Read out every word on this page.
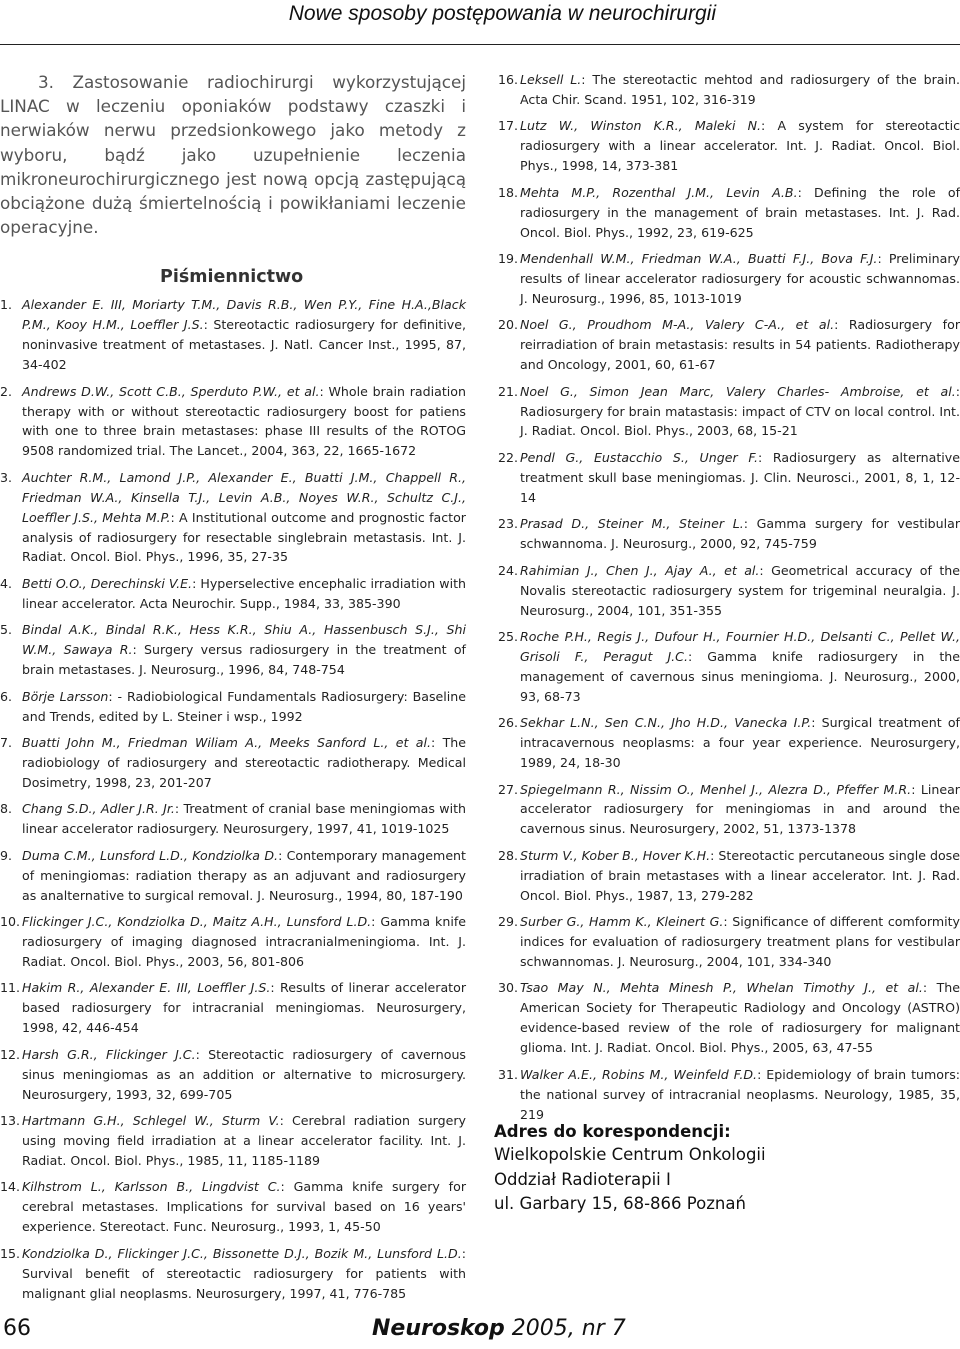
Nowe sposoby postępowania w neurochirurgii

3. Zastosowanie radiochirurgi wykorzystującej LINAC w leczeniu oponiaków podstawy czaszki i nerwiaków nerwu przedsionkowego jako metody z wyboru, bądź jako uzupełnienie leczenia mikroneurochirurgicznego jest nową opcją zastępującą obciążone dużą śmiertelnością i powikłaniami leczenie operacyjne.

Piśmiennictwo
1. Alexander E. III, Moriarty T.M., Davis R.B., Wen P.Y., Fine H.A.,Black P.M., Kooy H.M., Loeffler J.S.: Stereotactic radiosurgery for definitive, noninvasive treatment of metastases. J. Natl. Cancer Inst., 1995, 87, 34-402
2. Andrews D.W., Scott C.B., Sperduto P.W., et al.: Whole brain radiation therapy with or without stereotactic radiosurgery boost for patiens with one to three brain metastases: phase III results of the ROTOG 9508 randomized trial. The Lancet., 2004, 363, 22, 1665-1672
3. Auchter R.M., Lamond J.P., Alexander E., Buatti J.M., Chappell R., Friedman W.A., Kinsella T.J., Levin A.B., Noyes W.R., Schultz C.J., Loeffler J.S., Mehta M.P.: A Institutional outcome and prognostic factor analysis of radiosurgery for resectable singlebrain metastasis. Int. J. Radiat. Oncol. Biol. Phys., 1996, 35, 27-35
4. Betti O.O., Derechinski V.E.: Hyperselective encephalic irradiation with linear accelerator. Acta Neurochir. Supp., 1984, 33, 385-390
5. Bindal A.K., Bindal R.K., Hess K.R., Shiu A., Hassenbusch S.J., Shi W.M., Sawaya R.: Surgery versus radiosurgery in the treatment of brain metastases. J. Neurosurg., 1996, 84, 748-754
6. Börje Larsson: - Radiobiological Fundamentals Radiosurgery: Baseline and Trends, edited by L. Steiner i wsp., 1992
7. Buatti John M., Friedman Wiliam A., Meeks Sanford L., et al.: The radiobiology of radiosurgery and stereotactic radiotherapy. Medical Dosimetry, 1998, 23, 201-207
8. Chang S.D., Adler J.R. Jr.: Treatment of cranial base meningiomas with linear accelerator radiosurgery. Neurosurgery, 1997, 41, 1019-1025
9. Duma C.M., Lunsford L.D., Kondziolka D.: Contemporary management of meningiomas: radiation therapy as an adjuvant and radiosurgery as analternative to surgical removal. J. Neurosurg., 1994, 80, 187-190
10. Flickinger J.C., Kondziolka D., Maitz A.H., Lunsford L.D.: Gamma knife radiosurgery of imaging diagnosed intracranialmeningioma. Int. J. Radiat. Oncol. Biol. Phys., 2003, 56, 801-806
11. Hakim R., Alexander E. III, Loeffler J.S.: Results of linerar accelerator based radiosurgery for intracranial meningiomas. Neurosurgery, 1998, 42, 446-454
12. Harsh G.R., Flickinger J.C.: Stereotactic radiosurgery of cavernous sinus meningiomas as an addition or alternative to microsurgery. Neurosurgery, 1993, 32, 699-705
13. Hartmann G.H., Schlegel W., Sturm V.: Cerebral radiation surgery using moving field irradiation at a linear accelerator facility. Int. J. Radiat. Oncol. Biol. Phys., 1985, 11, 1185-1189
14. Kilhstrom L., Karlsson B., Lingdvist C.: Gamma knife surgery for cerebral metastases. Implications for survival based on 16 years' experience. Stereotact. Func. Neurosurg., 1993, 1, 45-50
15. Kondziolka D., Flickinger J.C., Bissonette D.J., Bozik M., Lunsford L.D.: Survival benefit of stereotactic radiosurgery for patients with malignant glial neoplasms. Neurosurgery, 1997, 41, 776-785
16. Leksell L.: The stereotactic mehtod and radiosurgery of the brain. Acta Chir. Scand. 1951, 102, 316-319
17. Lutz W., Winston K.R., Maleki N.: A system for stereotactic radiosurgery with a linear accelerator. Int. J. Radiat. Oncol. Biol. Phys., 1998, 14, 373-381
18. Mehta M.P., Rozenthal J.M., Levin A.B.: Defining the role of radiosurgery in the management of brain metastases. Int. J. Rad. Oncol. Biol. Phys., 1992, 23, 619-625
19. Mendenhall W.M., Friedman W.A., Buatti F.J., Bova F.J.: Preliminary results of linear accelerator radiosurgery for acoustic schwannomas. J. Neurosurg., 1996, 85, 1013-1019
20. Noel G., Proudhom M-A., Valery C-A., et al.: Radiosurgery for reirradiation of brain metastasis: results in 54 patients. Radiotherapy and Oncology, 2001, 60, 61-67
21. Noel G., Simon Jean Marc, Valery Charles- Ambroise, et al.: Radiosurgery for brain matastasis: impact of CTV on local control. Int. J. Radiat. Oncol. Biol. Phys., 2003, 68, 15-21
22. Pendl G., Eustacchio S., Unger F.: Radiosurgery as alternative treatment skull base meningiomas. J. Clin. Neurosci., 2001, 8, 1, 12-14
23. Prasad D., Steiner M., Steiner L.: Gamma surgery for vestibular schwannoma. J. Neurosurg., 2000, 92, 745-759
24. Rahimian J., Chen J., Ajay A., et al.: Geometrical accuracy of the Novalis stereotactic radiosurgery system for trigeminal neuralgia. J. Neurosurg., 2004, 101, 351-355
25. Roche P.H., Regis J., Dufour H., Fournier H.D., Delsanti C., Pellet W., Grisoli F., Peragut J.C.: Gamma knife radiosurgery in the management of cavernous sinus meningioma. J. Neurosurg., 2000, 93, 68-73
26. Sekhar L.N., Sen C.N., Jho H.D., Vanecka I.P.: Surgical treatment of intracavernous neoplasms: a four year experience. Neurosurgery, 1989, 24, 18-30
27. Spiegelmann R., Nissim O., Menhel J., Alezra D., Pfeffer M.R.: Linear accelerator radiosurgery for meningiomas in and around the cavernous sinus. Neurosurgery, 2002, 51, 1373-1378
28. Sturm V., Kober B., Hover K.H.: Stereotactic percutaneous single dose irradiation of brain metastases with a linear accelerator. Int. J. Rad. Oncol. Biol. Phys., 1987, 13, 279-282
29. Surber G., Hamm K., Kleinert G.: Significance of different comformity indices for evaluation of radiosurgery treatment plans for vestibular schwannomas. J. Neurosurg., 2004, 101, 334-340
30. Tsao May N., Mehta Minesh P., Whelan Timothy J., et al.: The American Society for Therapeutic Radiology and Oncology (ASTRO) evidence-based review of the role of radiosurgery for malignant glioma. Int. J. Radiat. Oncol. Biol. Phys., 2005, 63, 47-55
31. Walker A.E., Robins M., Weinfeld F.D.: Epidemiology of brain tumors: the national survey of intracranial neoplasms. Neurology, 1985, 35, 219
Adres do korespondencji:
Wielkopolskie Centrum Onkologii
Oddział Radioterapii I
ul. Garbary 15, 68-866 Poznań
66	Neuroskop 2005, nr 7
